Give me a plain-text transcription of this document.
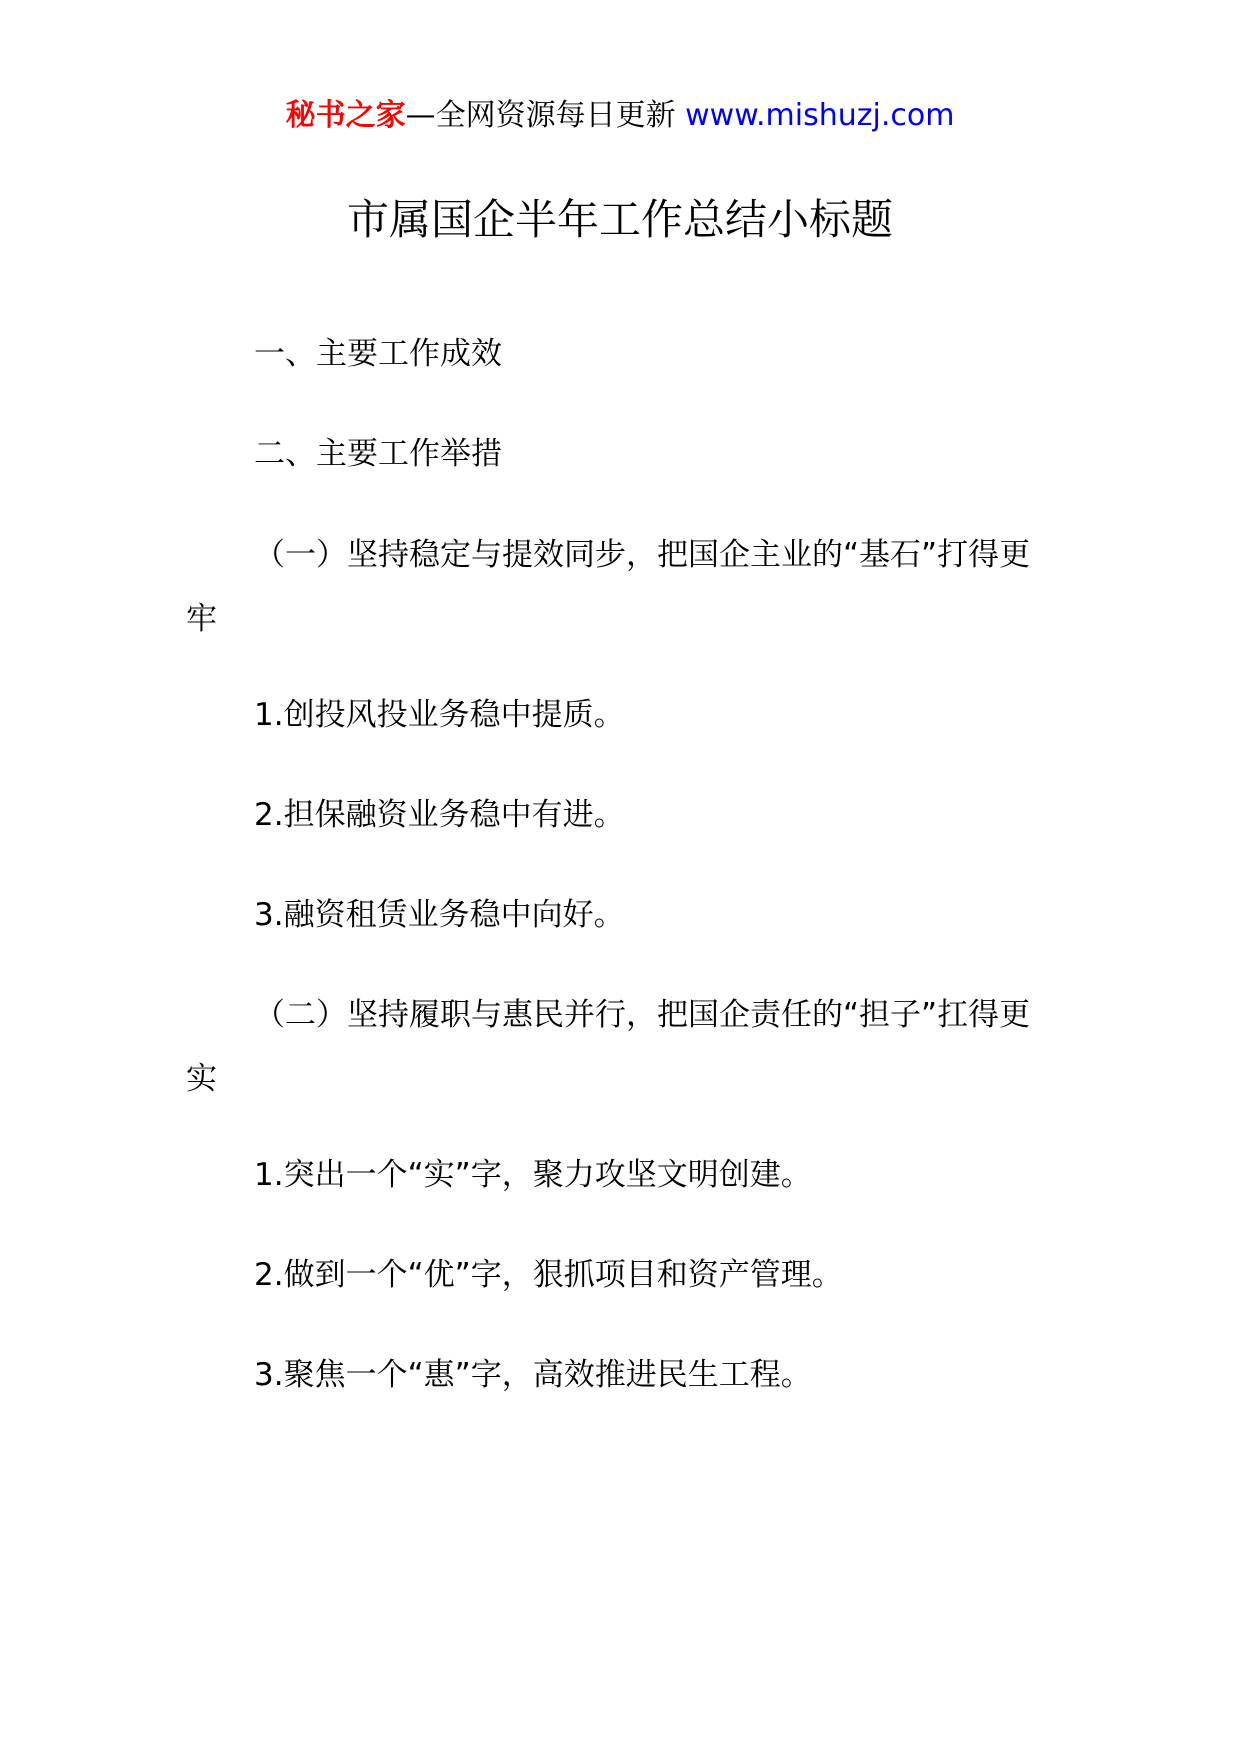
秘书之家—全网资源每日更新 www.mishuzj.com
市属国企半年工作总结小标题

一、主要工作成效

二、主要工作举措

（一）坚持稳定与提效同步，把国企主业的“基石”打得更牢

1.创投风投业务稳中提质。

2.担保融资业务稳中有进。

3.融资租赁业务稳中向好。

（二）坚持履职与惠民并行，把国企责任的“担子”扛得更实

1.突出一个“实”字，聚力攻坚文明创建。

2.做到一个“优”字，狠抓项目和资产管理。

3.聚焦一个“惠”字，高效推进民生工程。
